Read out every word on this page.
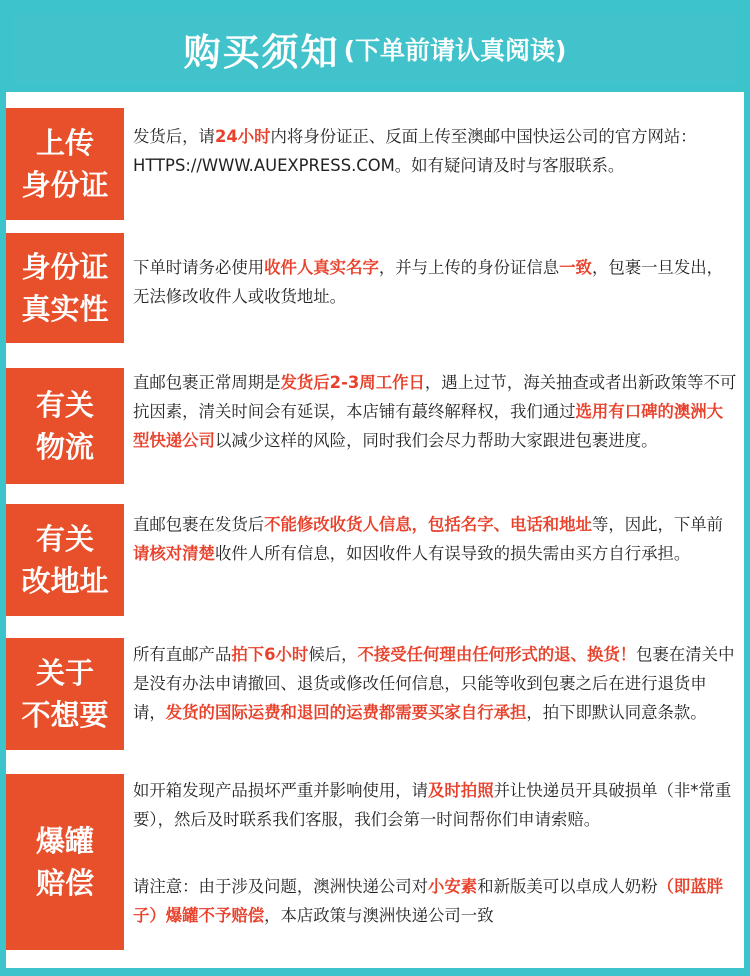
购买须知 (下单前请认真阅读)
上传
身份证

发货后，请24小时内将身份证正、反面上传至澳邮中国快运公司的官方网站：HTTPS://WWW.AUEXPRESS.COM。如有疑问请及时与客服联系。

身份证
真实性

下单时请务必使用收件人真实名字，并与上传的身份证信息一致，包裹一旦发出，无法修改收件人或收货地址。

有关
物流

直邮包裹正常周期是发货后2-3周工作日，遇上过节，海关抽查或者出新政策等不可抗因素，清关时间会有延误，本店铺有蕞终解释权，我们通过选用有口碑的澳洲大型快递公司以减少这样的风险，同时我们会尽力帮助大家跟进包裹进度。

有关
改地址

直邮包裹在发货后不能修改收货人信息，包括名字、电话和地址等，因此，下单前请核对清楚收件人所有信息，如因收件人有误导致的损失需由买方自行承担。

关于
不想要

所有直邮产品拍下6小时候后，不接受任何理由任何形式的退、换货！包裹在清关中是没有办法申请撤回、退货或修改任何信息，只能等收到包裹之后在进行退货申请，发货的国际运费和退回的运费都需要买家自行承担，拍下即默认同意条款。

爆罐
赔偿

如开箱发现产品损坏严重并影响使用，请及时拍照并让快递员开具破损单（非*常重要），然后及时联系我们客服，我们会第一时间帮你们申请索赔。

请注意：由于涉及问题，澳洲快递公司对小安素和新版美可以卓成人奶粉（即蓝胖子）爆罐不予赔偿，本店政策与澳洲快递公司一致
